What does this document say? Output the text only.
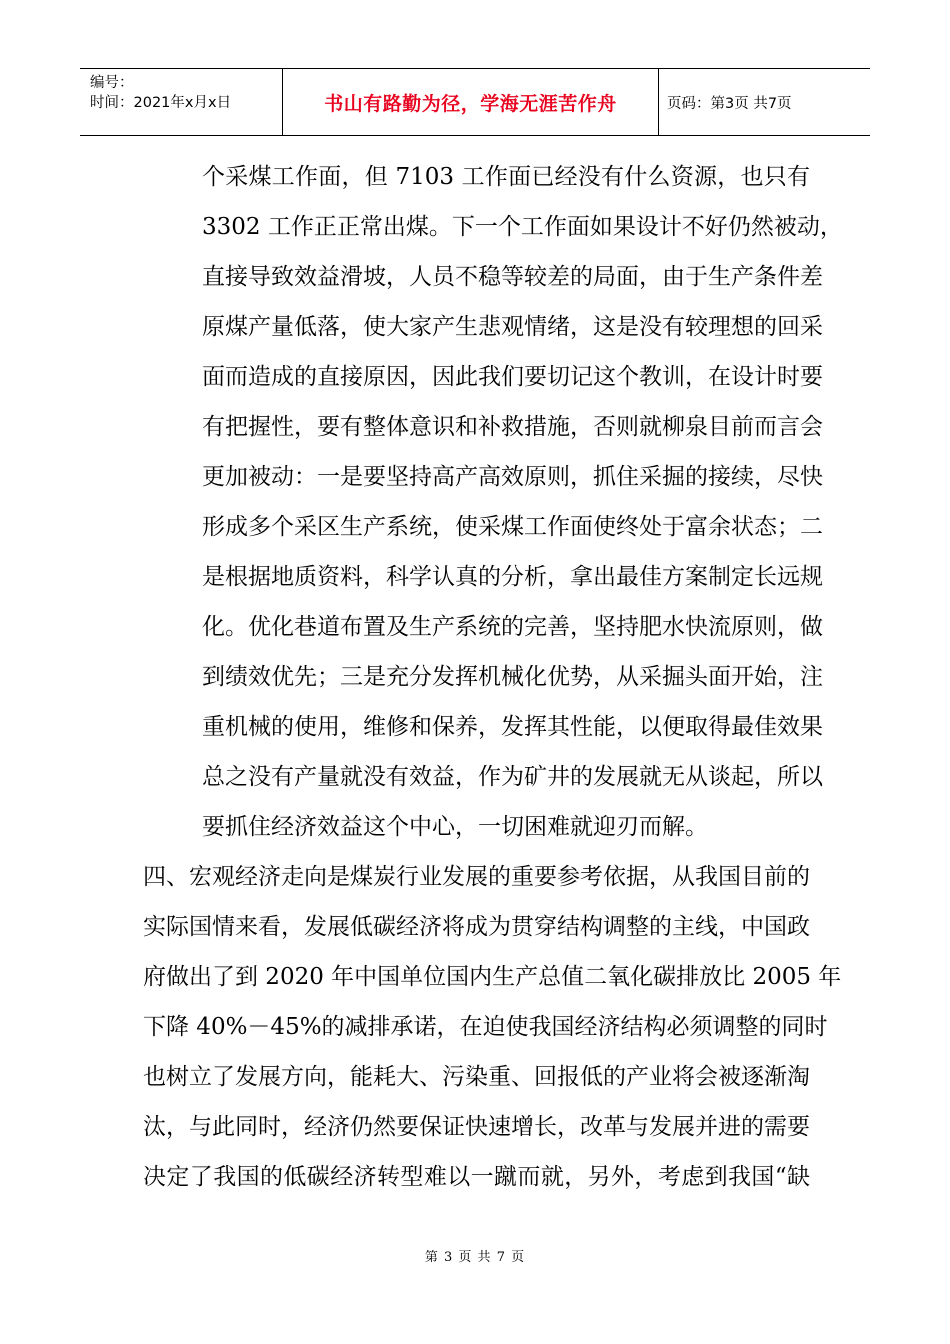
编号：
时间：2021年x月x日	书山有路勤为径，学海无涯苦作舟	页码：第3页 共7页
个采煤工作面，但 7103 工作面已经没有什么资源，也只有
3302 工作正正常出煤。下一个工作面如果设计不好仍然被动，
直接导致效益滑坡，人员不稳等较差的局面，由于生产条件差
原煤产量低落，使大家产生悲观情绪，这是没有较理想的回采
面而造成的直接原因，因此我们要切记这个教训，在设计时要
有把握性，要有整体意识和补救措施，否则就柳泉目前而言会
更加被动：一是要坚持高产高效原则，抓住采掘的接续，尽快
形成多个采区生产系统，使采煤工作面使终处于富余状态；二
是根据地质资料，科学认真的分析，拿出最佳方案制定长远规
化。优化巷道布置及生产系统的完善，坚持肥水快流原则，做
到绩效优先；三是充分发挥机械化优势，从采掘头面开始，注
重机械的使用，维修和保养，发挥其性能，以便取得最佳效果
总之没有产量就没有效益，作为矿井的发展就无从谈起，所以
要抓住经济效益这个中心，一切困难就迎刃而解。
四、宏观经济走向是煤炭行业发展的重要参考依据，从我国目前的
实际国情来看，发展低碳经济将成为贯穿结构调整的主线，中国政
府做出了到 2020 年中国单位国内生产总值二氧化碳排放比 2005 年
下降 40%－45%的减排承诺，在迫使我国经济结构必须调整的同时
也树立了发展方向，能耗大、污染重、回报低的产业将会被逐渐淘
汰，与此同时，经济仍然要保证快速增长，改革与发展并进的需要
决定了我国的低碳经济转型难以一蹴而就，另外，考虑到我国“缺
第 3 页 共 7 页
